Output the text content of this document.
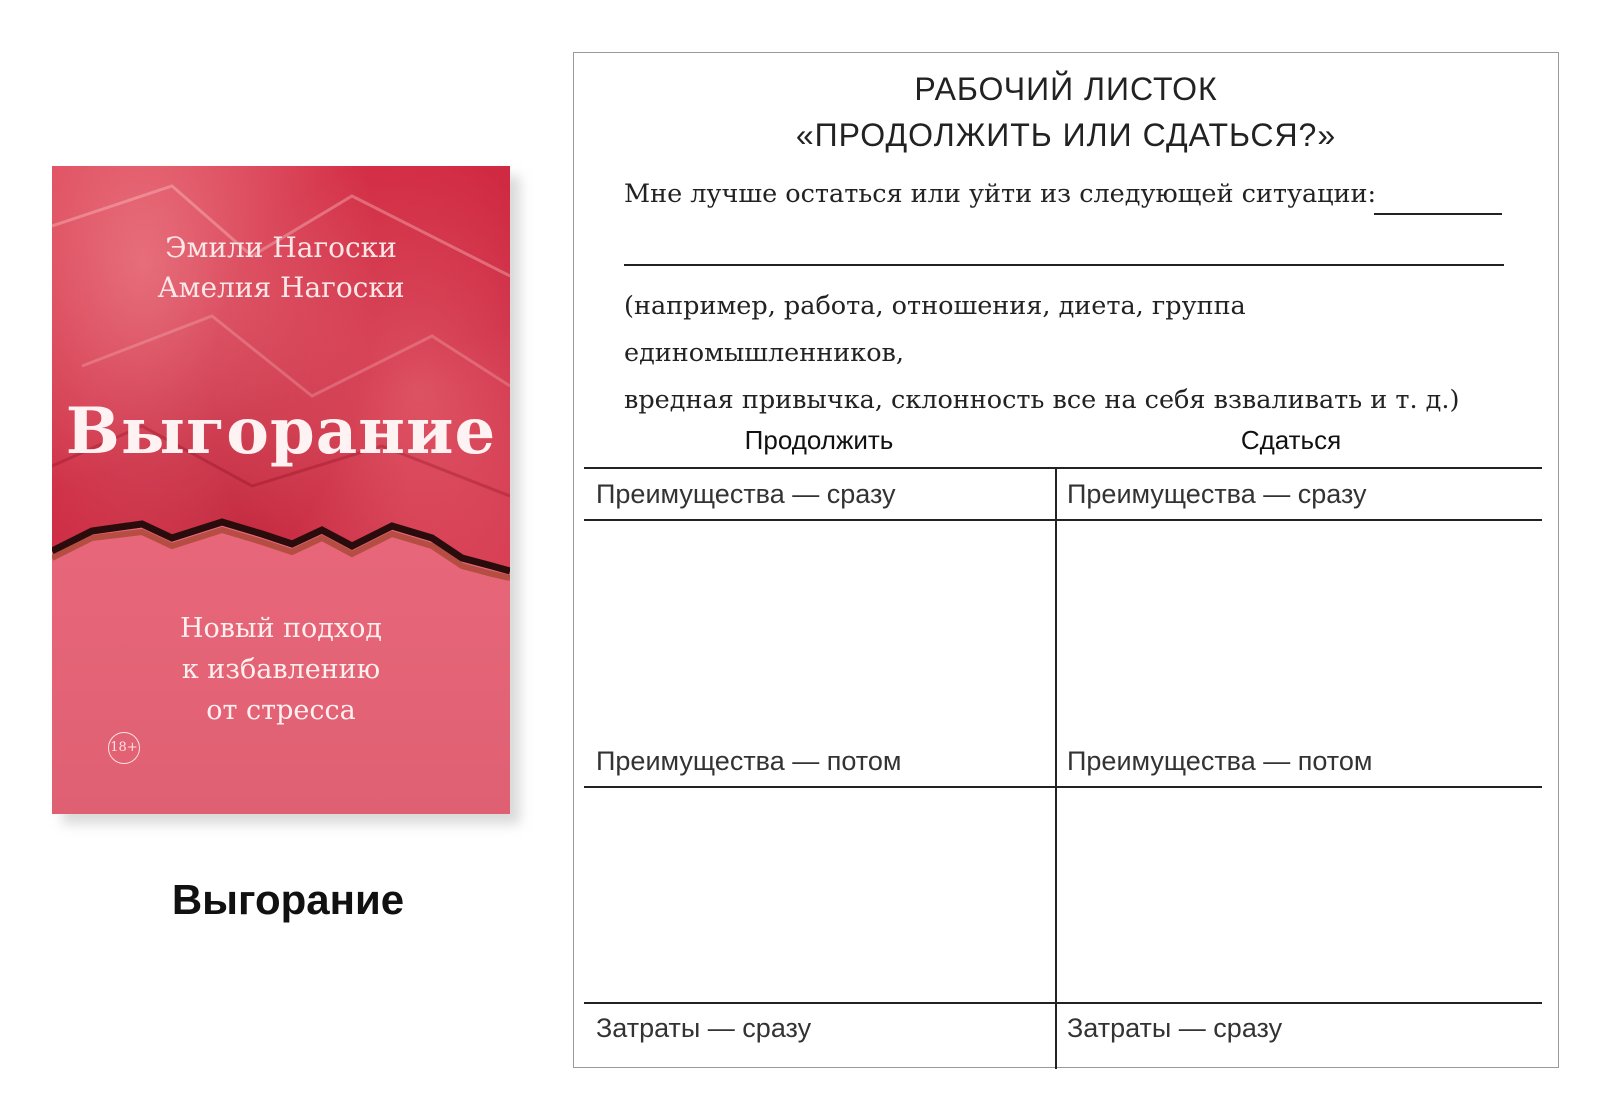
Эмили Нагоски
Амелия Нагоски
Выгорание
Новый подход
к избавлению
от стресса
18+
Выгорание
РАБОЧИЙ ЛИСТОК
«ПРОДОЛЖИТЬ ИЛИ СДАТЬСЯ?»
Мне лучше остаться или уйти из следующей ситуации:
(например, работа, отношения, диета, группа единомышленников,
вредная привычка, склонность все на себя взваливать и т. д.)
Продолжить	Сдаться
Преимущества — сразу	Преимущества — сразу
Преимущества — потом	Преимущества — потом
Затраты — сразу	Затраты — сразу
